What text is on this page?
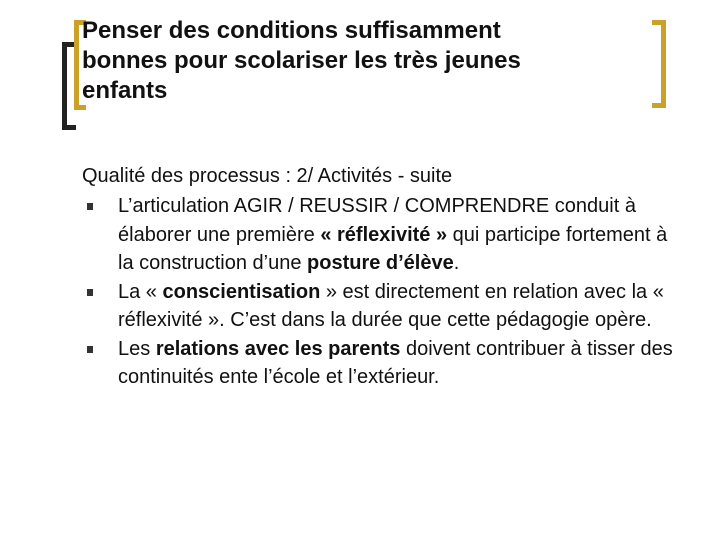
Penser des conditions suffisamment
bonnes pour scolariser les très jeunes
enfants

Qualité des processus : 2/ Activités - suite

L’articulation AGIR / REUSSIR / COMPRENDRE conduit à élaborer une première « réflexivité » qui participe fortement à la construction d’une posture d’élève.
La « conscientisation » est directement en relation avec la « réflexivité ». C’est dans la durée que cette pédagogie opère.
Les relations avec les parents doivent contribuer à tisser des continuités ente l’école et l’extérieur.
